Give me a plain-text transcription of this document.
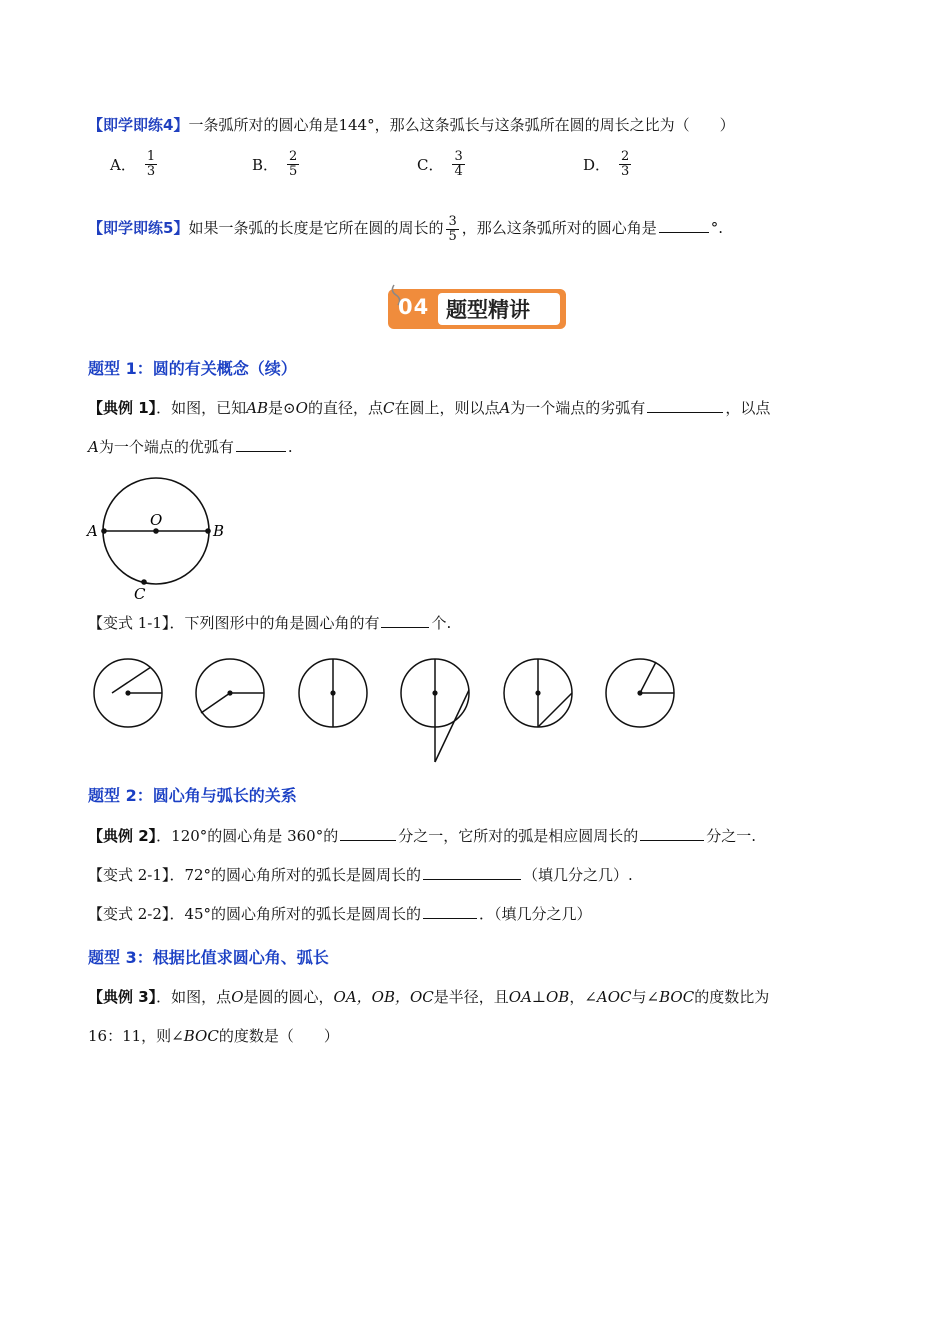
【即学即练4】一条弧所对的圆心角是144°，那么这条弧长与这条弧所在圆的周长之比为（　　）
A． $\frac{1}{3}$	B． $\frac{2}{5}$	C． $\frac{3}{4}$	D． $\frac{2}{3}$
【即学即练5】如果一条弧的长度是它所在圆的周长的 $\frac{3}{5}$ ，那么这条弧所对的圆心角是	°.
04 题型精讲
题型 1：圆的有关概念（续）
【典例 1】．如图，已知AB是⊙O的直径，点C在圆上，则以点A为一个端点的劣弧有	，以点
A为一个端点的优弧有	.
A
O
B
C
【变式 1-1】．下列图形中的角是圆心角的有	个.
题型 2：圆心角与弧长的关系
【典例 2】．120°的圆心角是 360°的	分之一，它所对的弧是相应圆周长的	分之一.
【变式 2-1】．72°的圆心角所对的弧长是圆周长的	（填几分之几）.
【变式 2-2】．45°的圆心角所对的弧长是圆周长的	．（填几分之几）
题型 3：根据比值求圆心角、弧长
【典例 3】．如图，点O是圆的圆心，OA，OB，OC是半径，且OA⊥OB，∠AOC与∠BOC的度数比为
16：11，则∠BOC的度数是（　　）
